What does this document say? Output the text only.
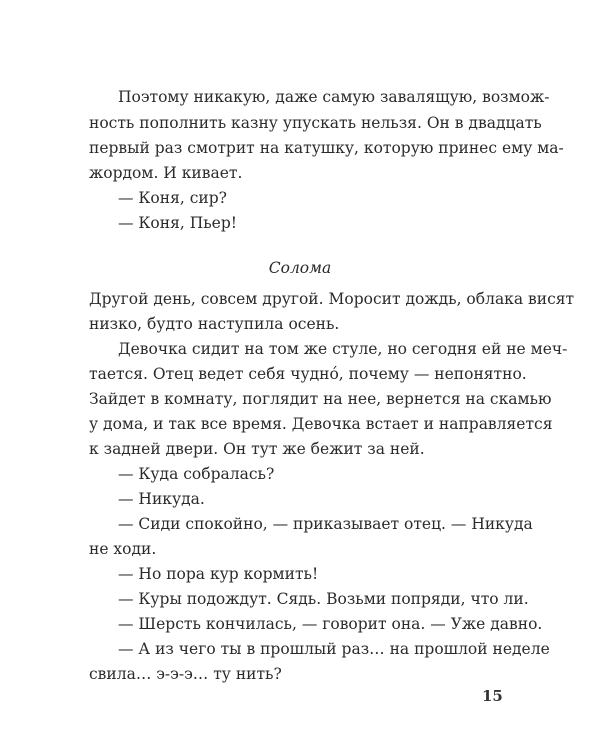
Поэтому никакую, даже самую завалящую, возмож-
ность пополнить казну упускать нельзя. Он в двадцать
первый раз смотрит на катушку, которую принес ему ма-
жордом. И кивает.
— Коня, сир?
— Коня, Пьер!
Солома
Другой день, совсем другой. Моросит дождь, облака висят
низко, будто наступила осень.
Девочка сидит на том же стуле, но сегодня ей не меч-
тается. Отец ведет себя чуднó, почему — непонятно.
Зайдет в комнату, поглядит на нее, вернется на скамью
у дома, и так все время. Девочка встает и направляется
к задней двери. Он тут же бежит за ней.
— Куда собралась?
— Никуда.
— Сиди спокойно, — приказывает отец. — Никуда
не ходи.
— Но пора кур кормить!
— Куры подождут. Сядь. Возьми попряди, что ли.
— Шерсть кончилась, — говорит она. — Уже давно.
— А из чего ты в прошлый раз… на прошлой неделе
свила… э-э-э… ту нить?
15
